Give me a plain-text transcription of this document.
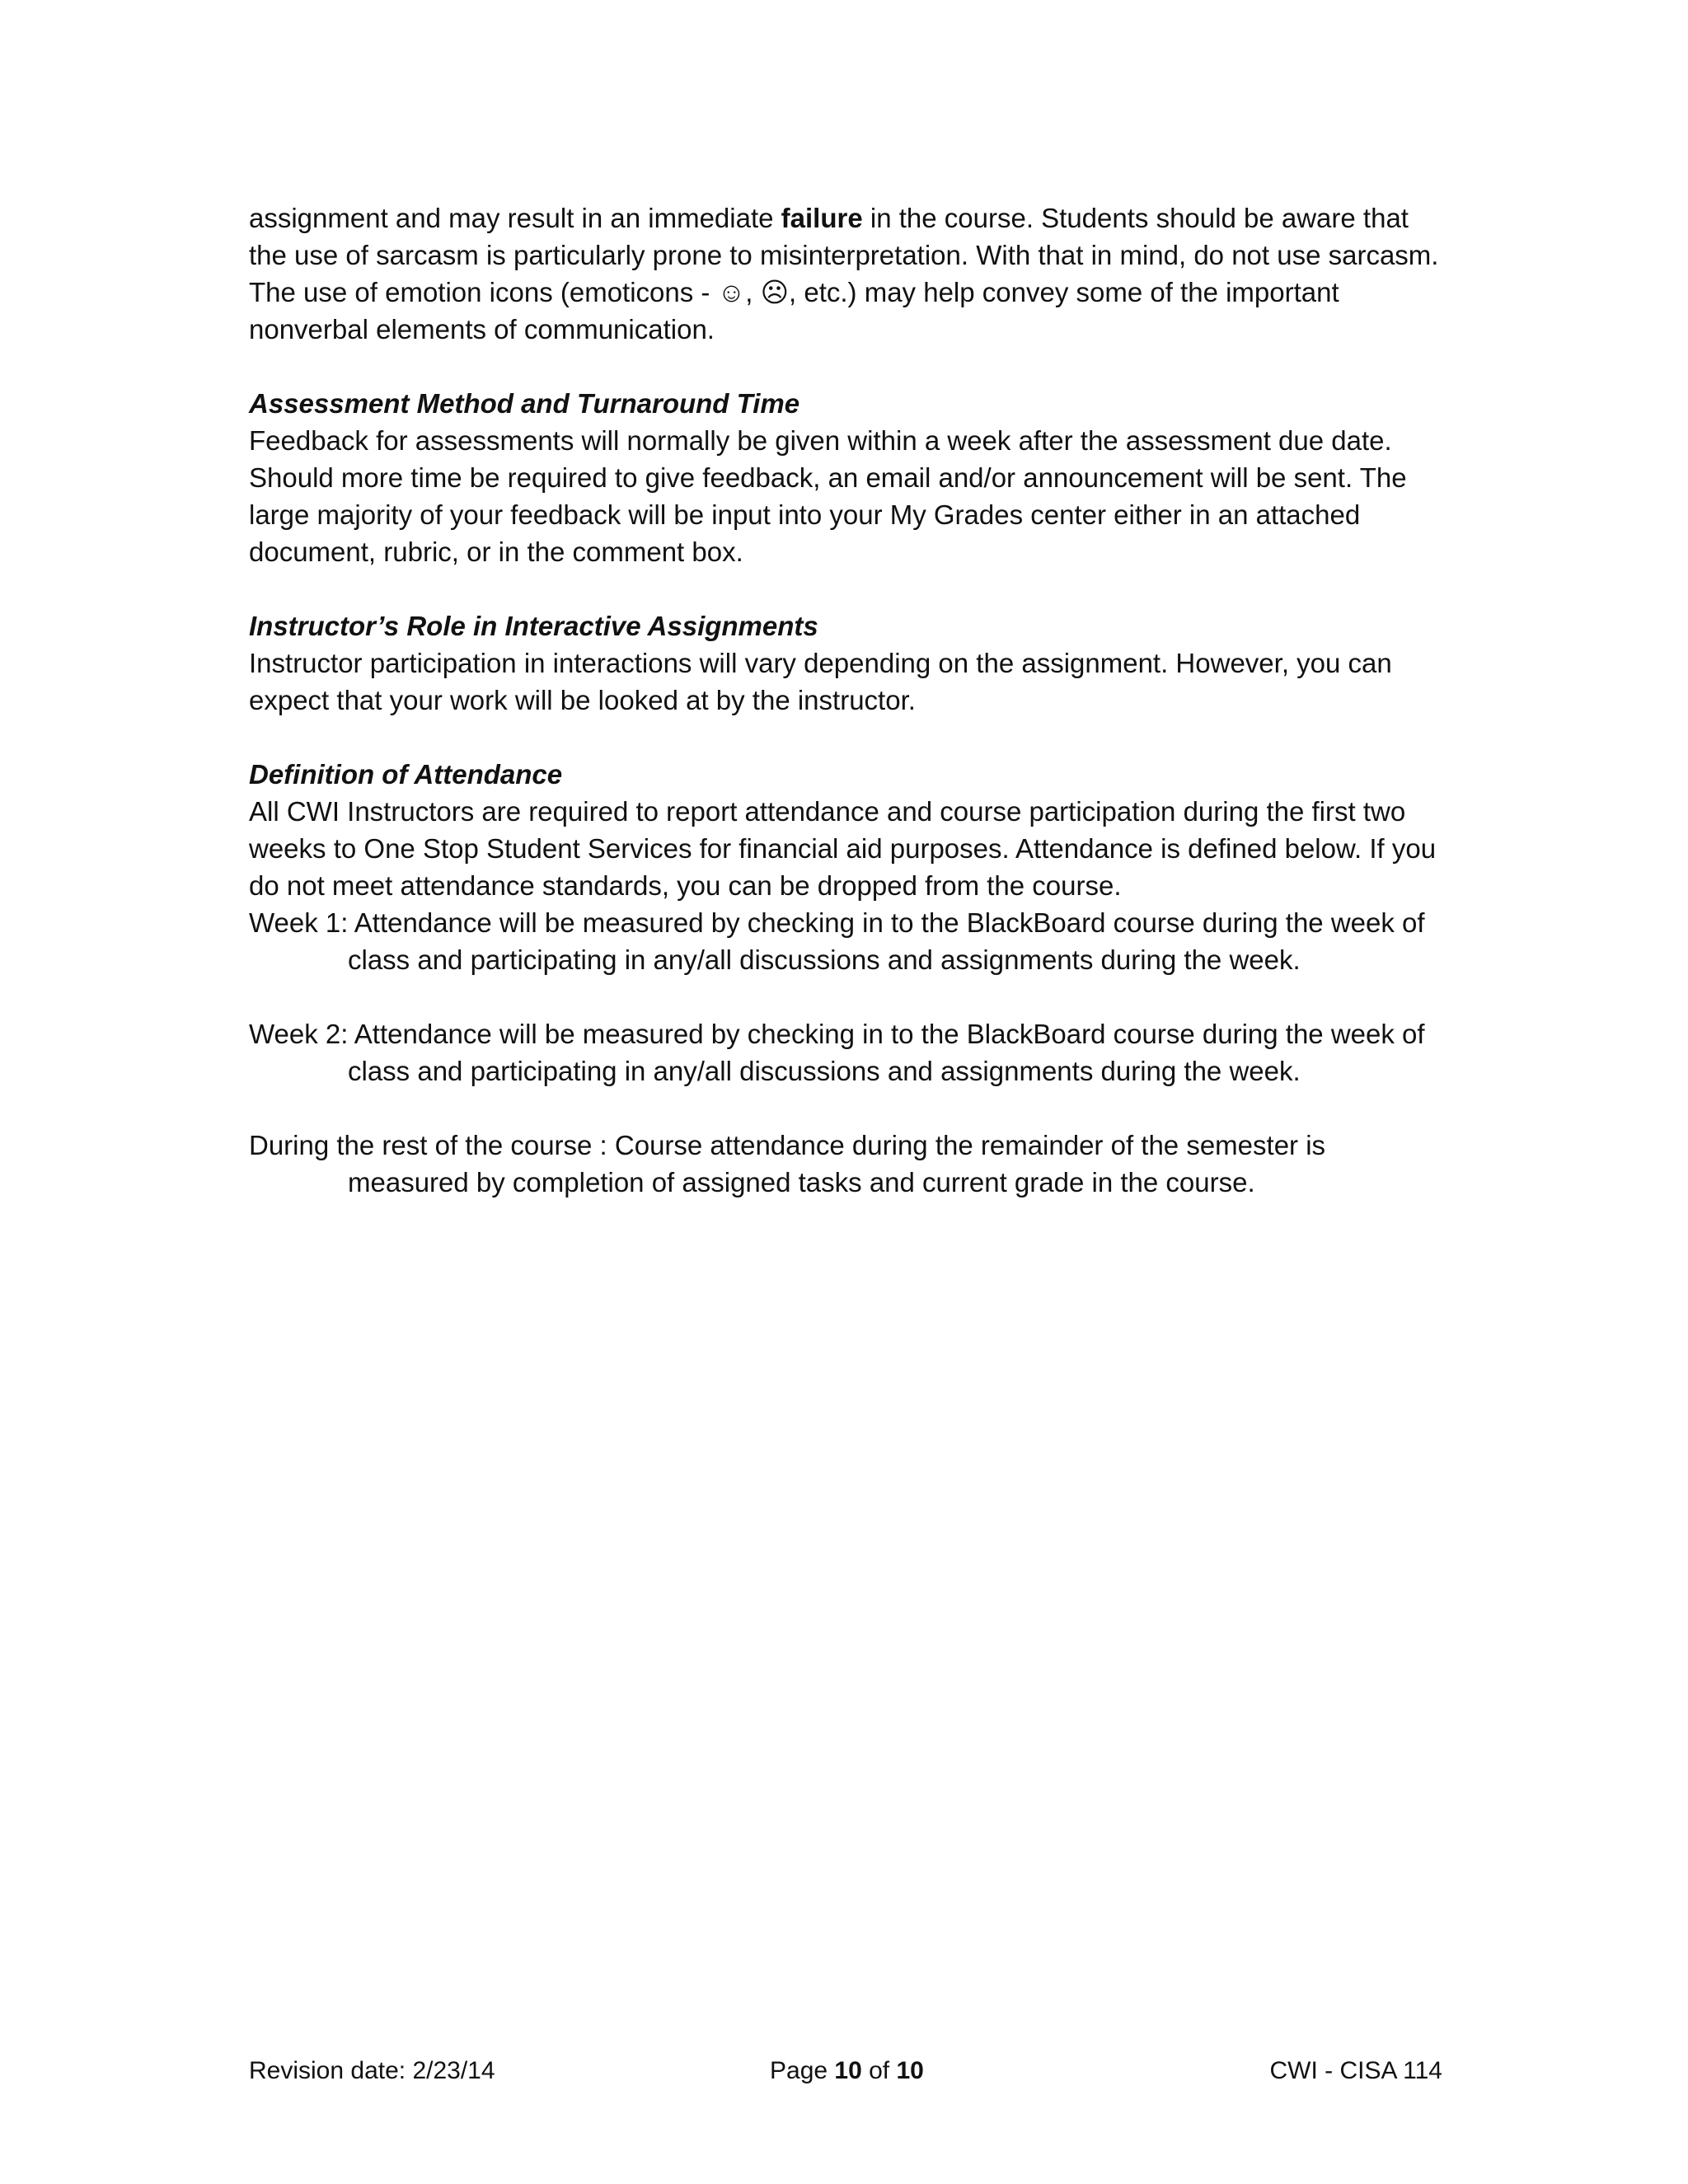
assignment and may result in an immediate failure in the course. Students should be aware that the use of sarcasm is particularly prone to misinterpretation. With that in mind, do not use sarcasm. The use of emotion icons (emoticons - ☺, ☹, etc.) may help convey some of the important nonverbal elements of communication.

Assessment Method and Turnaround Time
Feedback for assessments will normally be given within a week after the assessment due date. Should more time be required to give feedback, an email and/or announcement will be sent. The large majority of your feedback will be input into your My Grades center either in an attached document, rubric, or in the comment box.

Instructor’s Role in Interactive Assignments
Instructor participation in interactions will vary depending on the assignment. However, you can expect that your work will be looked at by the instructor.

Definition of Attendance
All CWI Instructors are required to report attendance and course participation during the first two weeks to One Stop Student Services for financial aid purposes. Attendance is defined below. If you do not meet attendance standards, you can be dropped from the course.

Week 1: Attendance will be measured by checking in to the BlackBoard course during the week of class and participating in any/all discussions and assignments during the week.

Week 2: Attendance will be measured by checking in to the BlackBoard course during the week of class and participating in any/all discussions and assignments during the week.

During the rest of the course : Course attendance during the remainder of the semester is measured by completion of assigned tasks and current grade in the course.

Revision date: 2/23/14	Page 10 of 10	CWI - CISA 114
